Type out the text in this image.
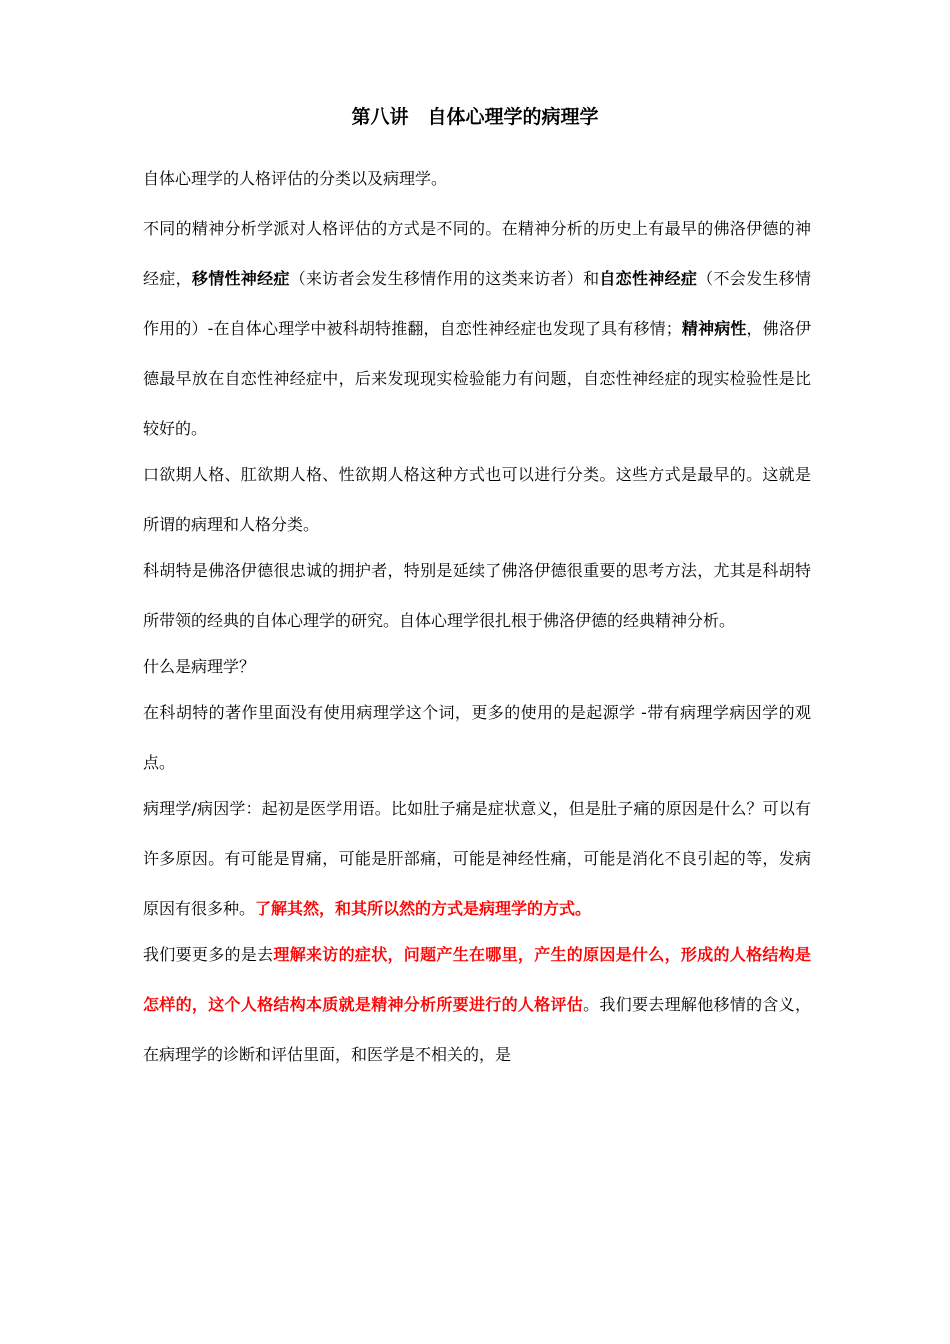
第八讲　自体心理学的病理学

自体心理学的人格评估的分类以及病理学。

不同的精神分析学派对人格评估的方式是不同的。在精神分析的历史上有最早的佛洛伊德的神经症，移情性神经症（来访者会发生移情作用的这类来访者）和自恋性神经症（不会发生移情作用的）-在自体心理学中被科胡特推翻，自恋性神经症也发现了具有移情；精神病性，佛洛伊德最早放在自恋性神经症中，后来发现现实检验能力有问题，自恋性神经症的现实检验性是比较好的。

口欲期人格、肛欲期人格、性欲期人格这种方式也可以进行分类。这些方式是最早的。这就是所谓的病理和人格分类。

科胡特是佛洛伊德很忠诚的拥护者，特别是延续了佛洛伊德很重要的思考方法，尤其是科胡特所带领的经典的自体心理学的研究。自体心理学很扎根于佛洛伊德的经典精神分析。

什么是病理学？

在科胡特的著作里面没有使用病理学这个词，更多的使用的是起源学 -带有病理学病因学的观点。

病理学/病因学：起初是医学用语。比如肚子痛是症状意义，但是肚子痛的原因是什么？可以有许多原因。有可能是胃痛，可能是肝部痛，可能是神经性痛，可能是消化不良引起的等，发病原因有很多种。了解其然，和其所以然的方式是病理学的方式。

我们要更多的是去理解来访的症状，问题产生在哪里，产生的原因是什么，形成的人格结构是怎样的，这个人格结构本质就是精神分析所要进行的人格评估。我们要去理解他移情的含义，在病理学的诊断和评估里面，和医学是不相关的，是
